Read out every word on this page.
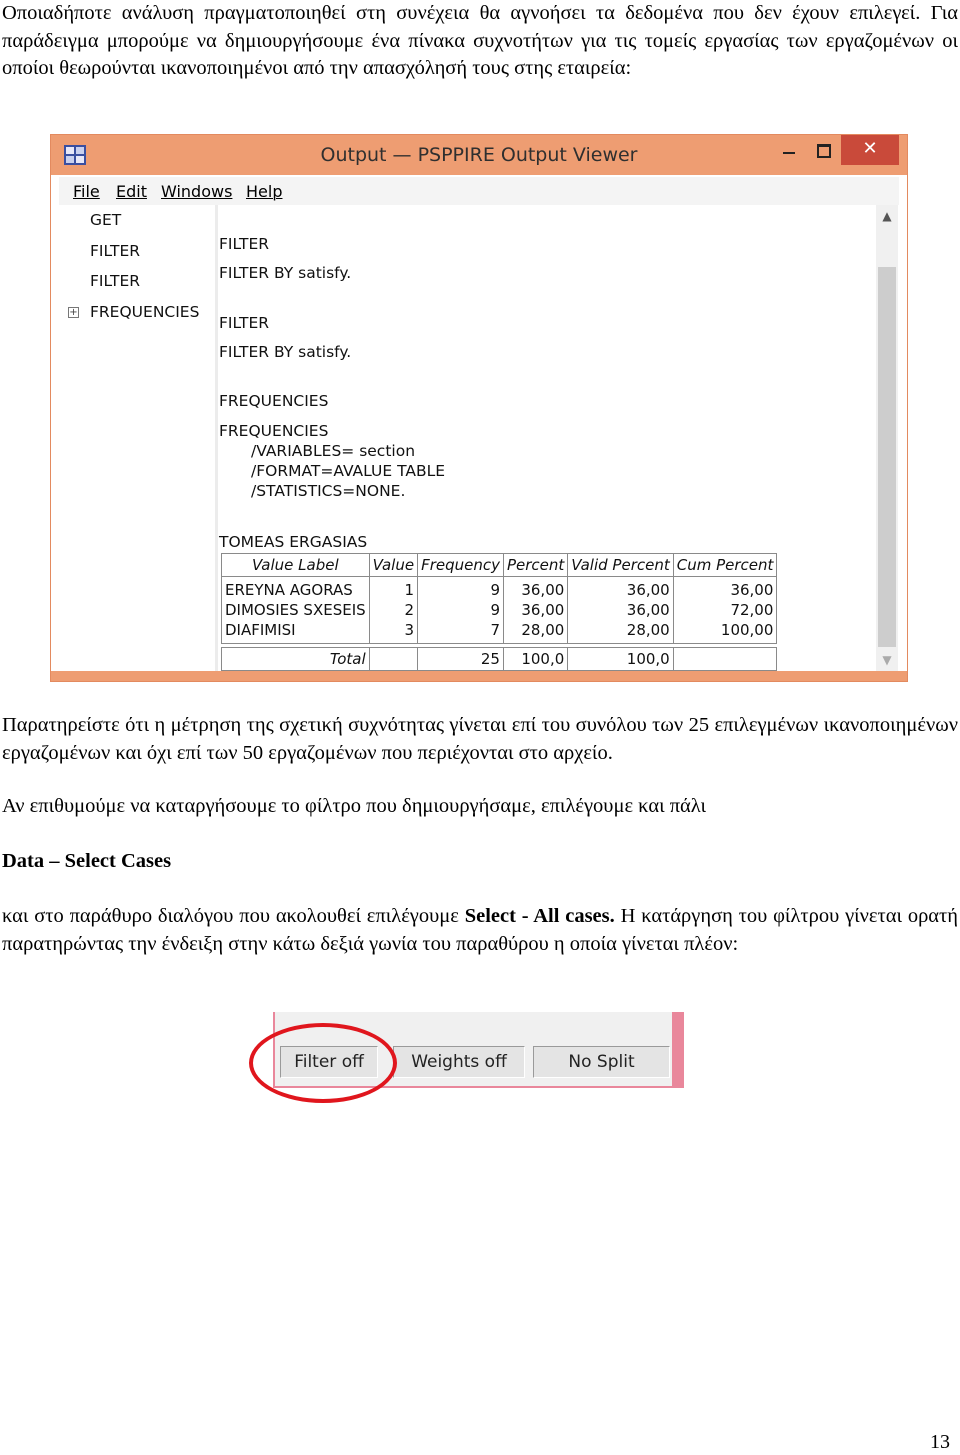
Οποιαδήποτε ανάλυση πραγματοποιηθεί στη συνέχεια θα αγνοήσει τα δεδομένα που δεν έχουν επιλεγεί. Για παράδειγμα μπορούμε να δημιουργήσουμε ένα πίνακα συχνοτήτων για τις τομείς εργασίας των εργαζομένων οι οποίοι θεωρούνται ικανοποιημένοι από την απασχόλησή τους στης εταιρεία:

Output — PSPPIRE Output Viewer	✕
File Edit Windows Help
GET
FILTER
FILTER
+ FREQUENCIES
FILTER
FILTER BY satisfy.
FILTER
FILTER BY satisfy.
FREQUENCIES
FREQUENCIES
/VARIABLES= section
/FORMAT=AVALUE TABLE
/STATISTICS=NONE.
TOMEAS ERGASIAS
Value Label	Value	Frequency	Percent	Valid Percent	Cum Percent
EREYNA AGORAS	1	9	36,00	36,00	36,00
DIMOSIES SXESEIS	2	9	36,00	36,00	72,00
DIAFIMISI	3	7	28,00	28,00	100,00

Total		25	100,0	100,0	
▲
▼

Παρατηρείστε ότι η μέτρηση της σχετική συχνότητας γίνεται επί του συνόλου των 25 επιλεγμένων ικανοποιημένων εργαζομένων και όχι επί των 50 εργαζομένων που περιέχονται στο αρχείο.

Αν επιθυμούμε να καταργήσουμε το φίλτρο που δημιουργήσαμε, επιλέγουμε και πάλι

Data – Select Cases

και στο παράθυρο διαλόγου που ακολουθεί επιλέγουμε Select - All cases. Η κατάργηση του φίλτρου γίνεται ορατή παρατηρώντας την ένδειξη στην κάτω δεξιά γωνία του παραθύρου η οποία γίνεται πλέον:

Filter off	Weights off	No Split
13
